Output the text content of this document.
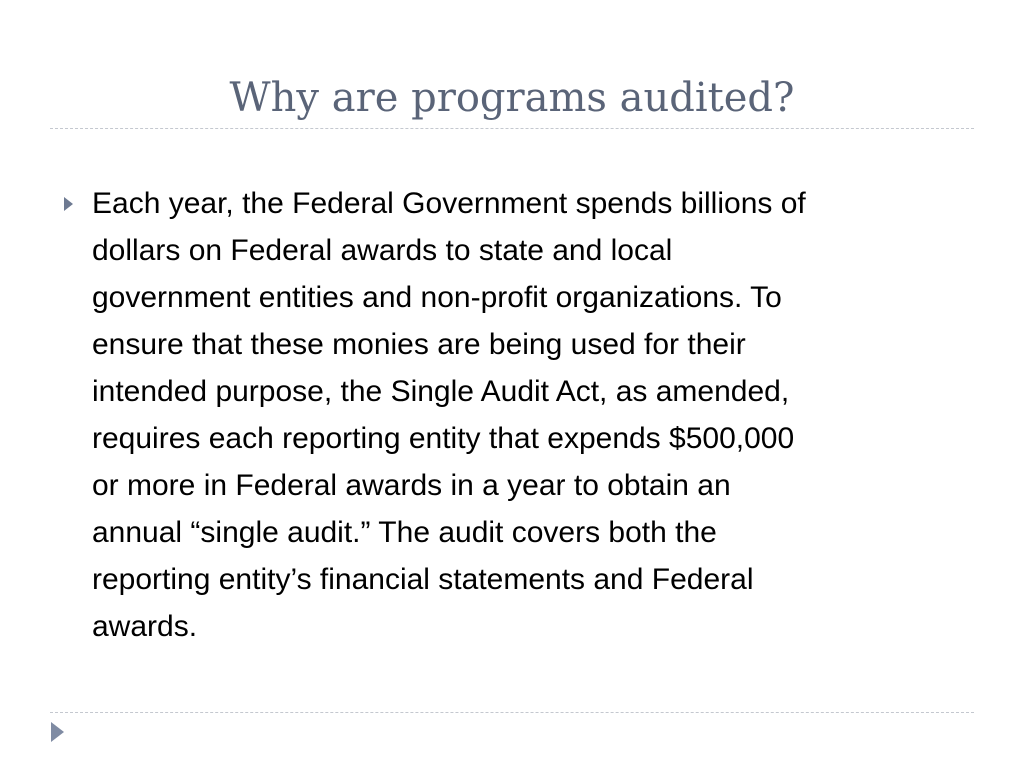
Why are programs audited?
Each year, the Federal Government spends billions of
dollars on Federal awards to state and local
government entities and non-profit organizations. To
ensure that these monies are being used for their
intended purpose, the Single Audit Act, as amended,
requires each reporting entity that expends $500,000
or more in Federal awards in a year to obtain an
annual “single audit.” The audit covers both the
reporting entity’s financial statements and Federal
awards.
